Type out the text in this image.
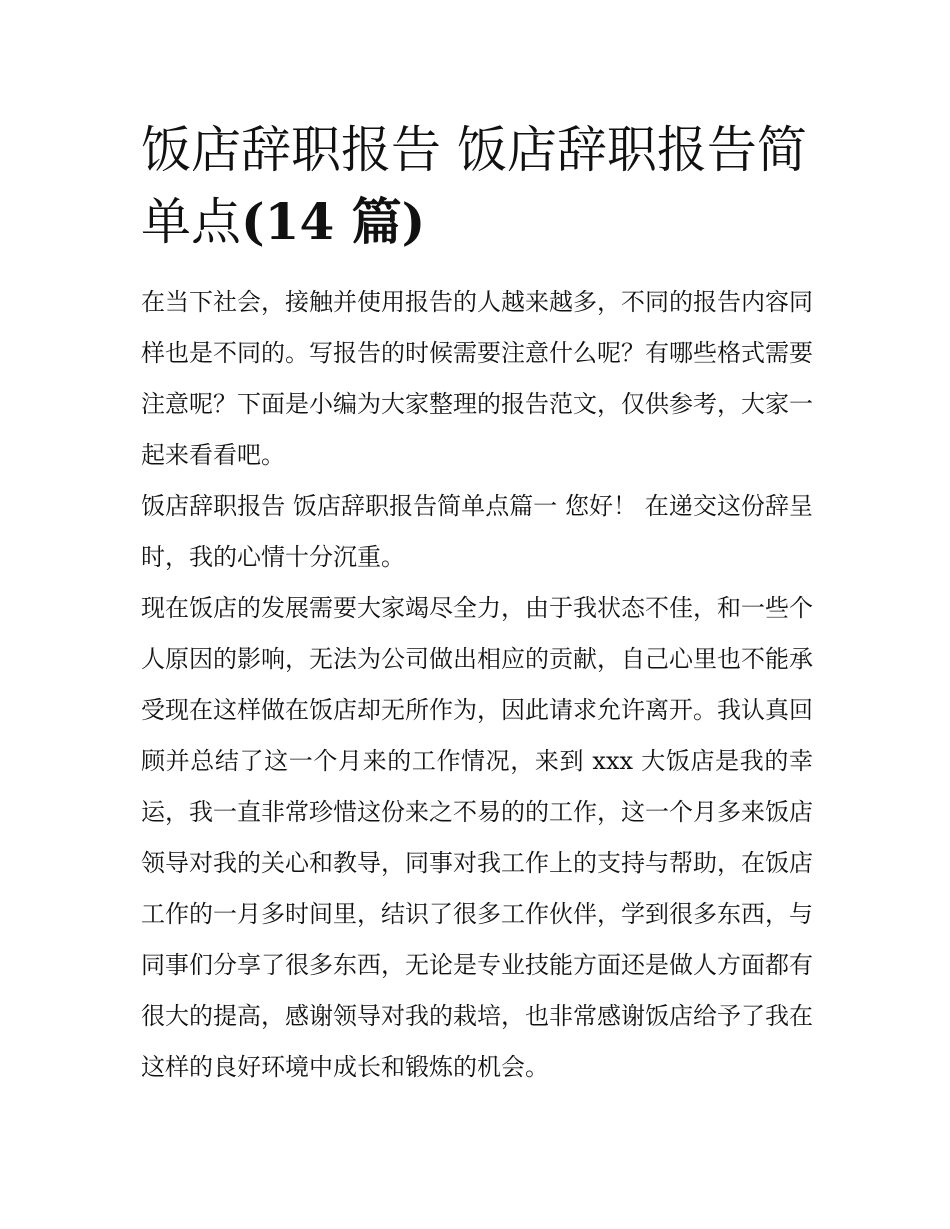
饭店辞职报告 饭店辞职报告简单点(14 篇)

在当下社会，接触并使用报告的人越来越多，不同的报告内容同样也是不同的。写报告的时候需要注意什么呢？有哪些格式需要注意呢？下面是小编为大家整理的报告范文，仅供参考，大家一起来看看吧。

饭店辞职报告 饭店辞职报告简单点篇一 您好！ 在递交这份辞呈时，我的心情十分沉重。

现在饭店的发展需要大家竭尽全力，由于我状态不佳，和一些个人原因的影响，无法为公司做出相应的贡献，自己心里也不能承受现在这样做在饭店却无所作为，因此请求允许离开。我认真回顾并总结了这一个月来的工作情况，来到 xxx 大饭店是我的幸运，我一直非常珍惜这份来之不易的的工作，这一个月多来饭店领导对我的关心和教导，同事对我工作上的支持与帮助，在饭店工作的一月多时间里，结识了很多工作伙伴，学到很多东西，与同事们分享了很多东西，无论是专业技能方面还是做人方面都有很大的提高，感谢领导对我的栽培，也非常感谢饭店给予了我在这样的良好环境中成长和锻炼的机会。
